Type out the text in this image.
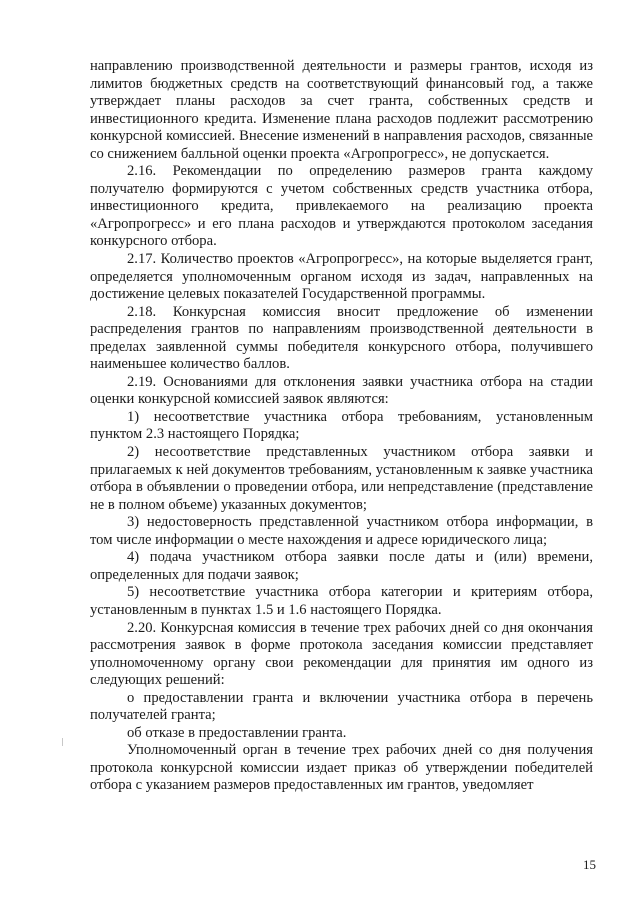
направлению производственной деятельности и размеры грантов, исходя из лимитов бюджетных средств на соответствующий финансовый год, а также утверждает планы расходов за счет гранта, собственных средств и инвестиционного кредита. Изменение плана расходов подлежит рассмотрению конкурсной комиссией. Внесение изменений в направления расходов, связанные со снижением балльной оценки проекта «Агропрогресс», не допускается.

2.16. Рекомендации по определению размеров гранта каждому получателю формируются с учетом собственных средств участника отбора, инвестиционного кредита, привлекаемого на реализацию проекта «Агропрогресс» и его плана расходов и утверждаются протоколом заседания конкурсного отбора.

2.17. Количество проектов «Агропрогресс», на которые выделяется грант, определяется уполномоченным органом исходя из задач, направленных на достижение целевых показателей Государственной программы.

2.18. Конкурсная комиссия вносит предложение об изменении распределения грантов по направлениям производственной деятельности в пределах заявленной суммы победителя конкурсного отбора, получившего наименьшее количество баллов.

2.19. Основаниями для отклонения заявки участника отбора на стадии оценки конкурсной комиссией заявок являются:

1) несоответствие участника отбора требованиям, установленным пунктом 2.3 настоящего Порядка;

2) несоответствие представленных участником отбора заявки и прилагаемых к ней документов требованиям, установленным к заявке участника отбора в объявлении о проведении отбора, или непредставление (представление не в полном объеме) указанных документов;

3) недостоверность представленной участником отбора информации, в том числе информации о месте нахождения и адресе юридического лица;

4) подача участником отбора заявки после даты и (или) времени, определенных для подачи заявок;

5) несоответствие участника отбора категории и критериям отбора, установленным в пунктах 1.5 и 1.6 настоящего Порядка.

2.20. Конкурсная комиссия в течение трех рабочих дней со дня окончания рассмотрения заявок в форме протокола заседания комиссии представляет уполномоченному органу свои рекомендации для принятия им одного из следующих решений:

о предоставлении гранта и включении участника отбора в перечень получателей гранта;

об отказе в предоставлении гранта.

Уполномоченный орган в течение трех рабочих дней со дня получения протокола конкурсной комиссии издает приказ об утверждении победителей отбора с указанием размеров предоставленных им грантов, уведомляет

15
